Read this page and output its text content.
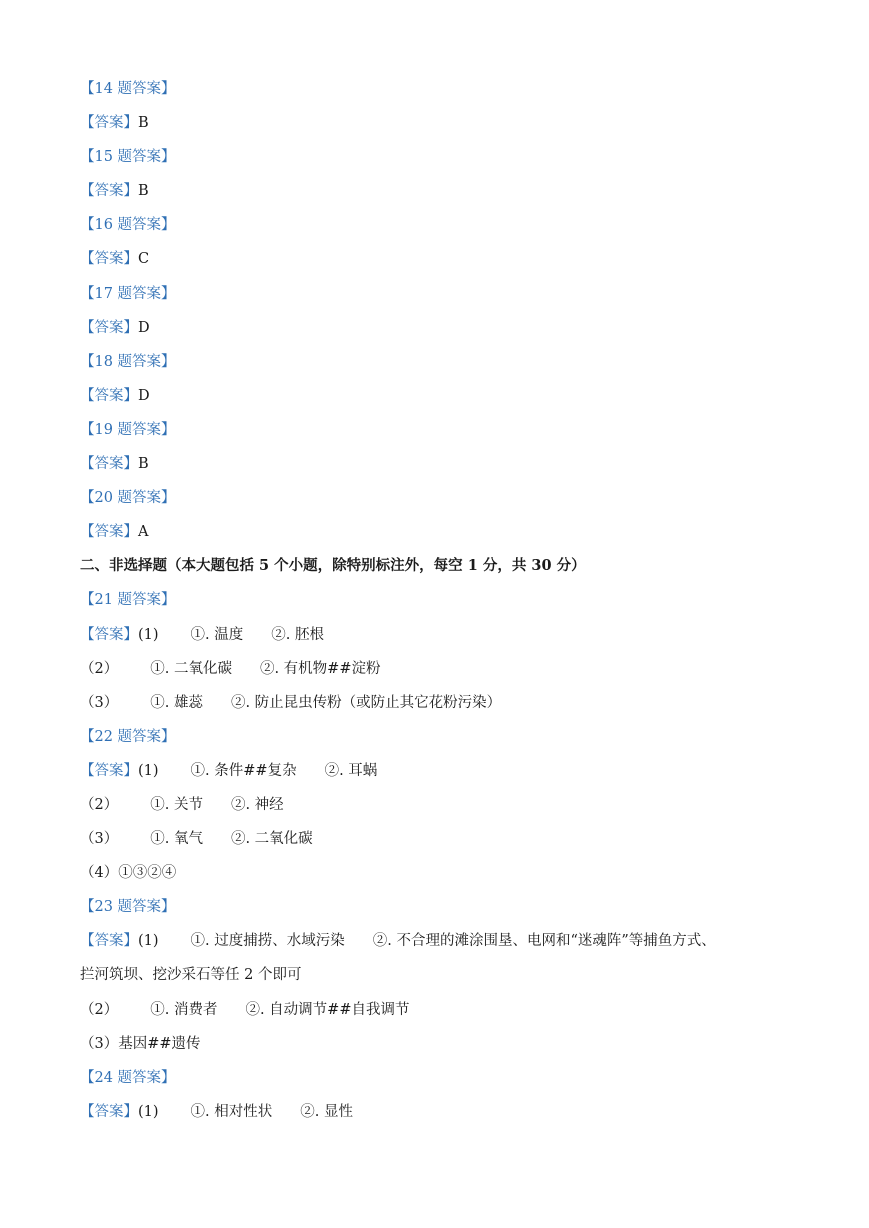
【14 题答案】
【答案】B
【15 题答案】
【答案】B
【16 题答案】
【答案】C
【17 题答案】
【答案】D
【18 题答案】
【答案】D
【19 题答案】
【答案】B
【20 题答案】
【答案】A
二、非选择题（本大题包括 5 个小题，除特别标注外，每空 1 分，共 30 分）
【21 题答案】
【答案】(1) ①. 温度 ②. 胚根
（2） ①. 二氧化碳 ②. 有机物##淀粉
（3） ①. 雄蕊 ②. 防止昆虫传粉（或防止其它花粉污染）
【22 题答案】
【答案】(1) ①. 条件##复杂 ②. 耳蜗
（2） ①. 关节 ②. 神经
（3） ①. 氧气 ②. 二氧化碳
（4）①③②④
【23 题答案】
【答案】(1) ①. 过度捕捞、水域污染 ②. 不合理的滩涂围垦、电网和“迷魂阵”等捕鱼方式、
拦河筑坝、挖沙采石等任 2 个即可
（2） ①. 消费者 ②. 自动调节##自我调节
（3）基因##遗传
【24 题答案】
【答案】(1) ①. 相对性状 ②. 显性
